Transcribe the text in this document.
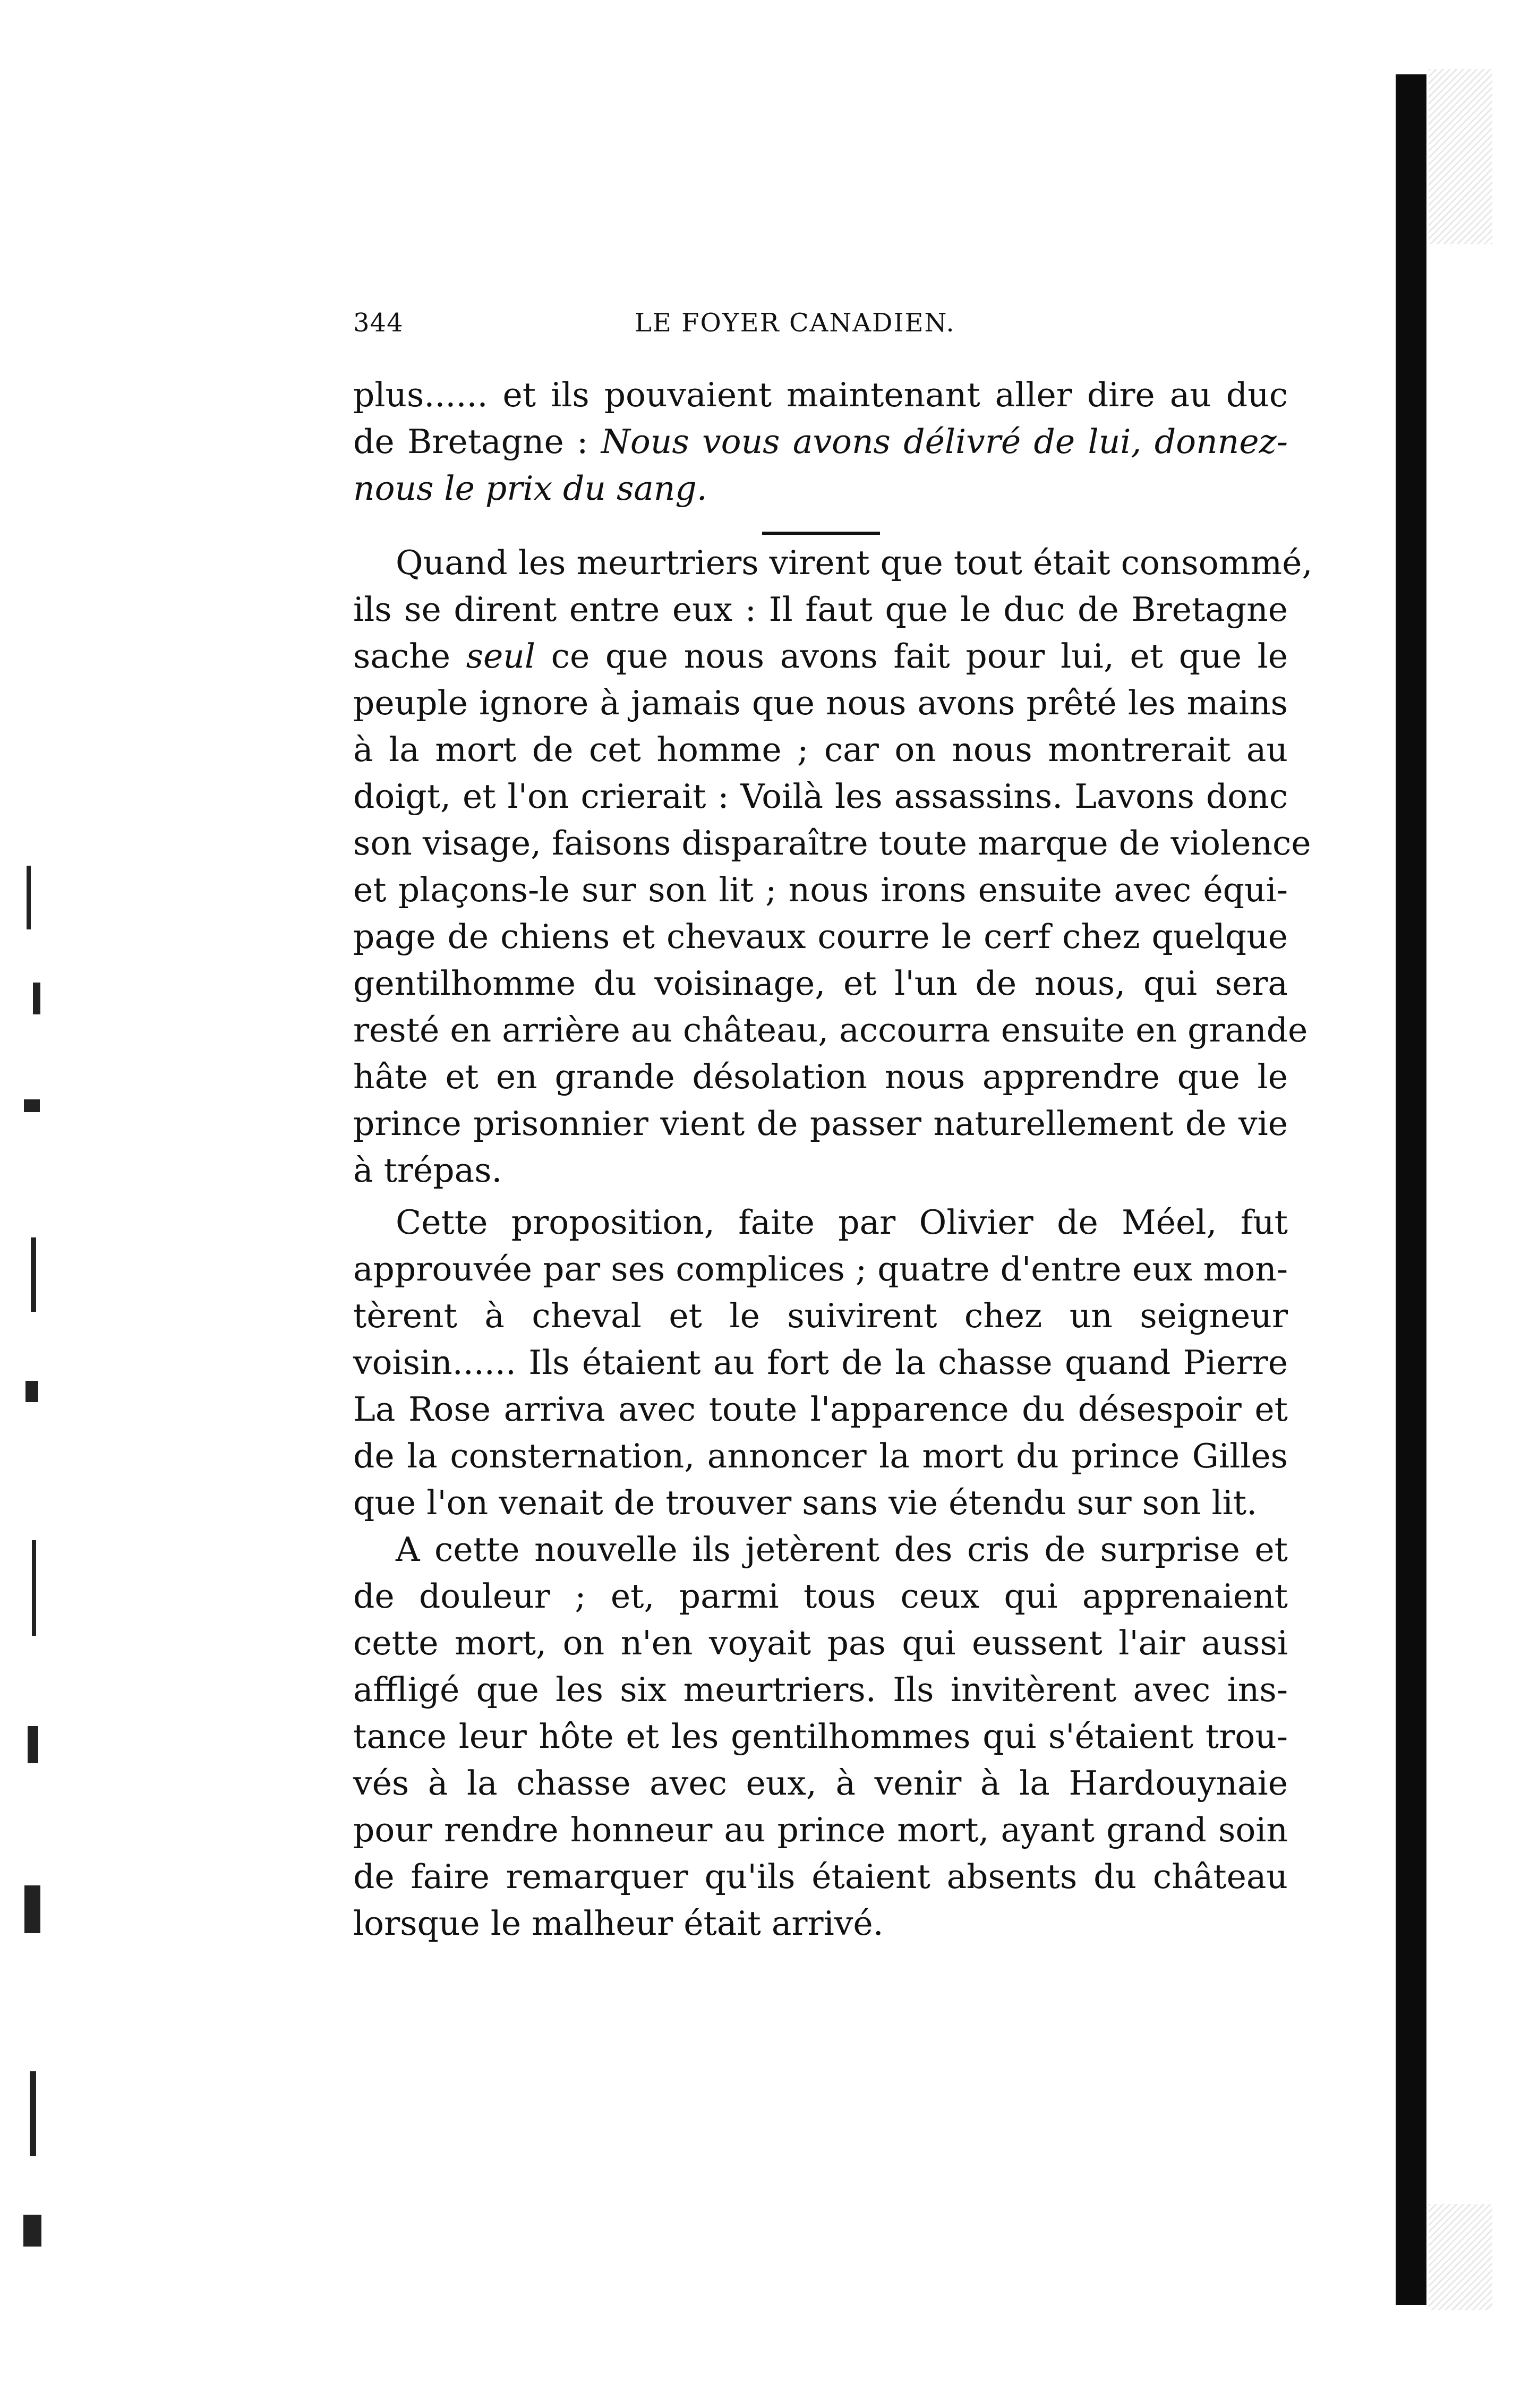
344	LE FOYER CANADIEN.
plus...... et ils pouvaient maintenant aller dire au duc
de Bretagne : Nous vous avons délivré de lui, donnez-
nous le prix du sang.
Quand les meurtriers virent que tout était consommé,
ils se dirent entre eux : Il faut que le duc de Bretagne
sache seul ce que nous avons fait pour lui, et que le
peuple ignore à jamais que nous avons prêté les mains
à la mort de cet homme ; car on nous montrerait au
doigt, et l'on crierait : Voilà les assassins. Lavons donc
son visage, faisons disparaître toute marque de violence
et plaçons-le sur son lit ; nous irons ensuite avec équi-
page de chiens et chevaux courre le cerf chez quelque
gentilhomme du voisinage, et l'un de nous, qui sera
resté en arrière au château, accourra ensuite en grande
hâte et en grande désolation nous apprendre que le
prince prisonnier vient de passer naturellement de vie
à trépas.
Cette proposition, faite par Olivier de Méel, fut
approuvée par ses complices ; quatre d'entre eux mon-
tèrent à cheval et le suivirent chez un seigneur
voisin...... Ils étaient au fort de la chasse quand Pierre
La Rose arriva avec toute l'apparence du désespoir et
de la consternation, annoncer la mort du prince Gilles
que l'on venait de trouver sans vie étendu sur son lit.
A cette nouvelle ils jetèrent des cris de surprise et
de douleur ; et, parmi tous ceux qui apprenaient
cette mort, on n'en voyait pas qui eussent l'air aussi
affligé que les six meurtriers. Ils invitèrent avec ins-
tance leur hôte et les gentilhommes qui s'étaient trou-
vés à la chasse avec eux, à venir à la Hardouynaie
pour rendre honneur au prince mort, ayant grand soin
de faire remarquer qu'ils étaient absents du château
lorsque le malheur était arrivé.
